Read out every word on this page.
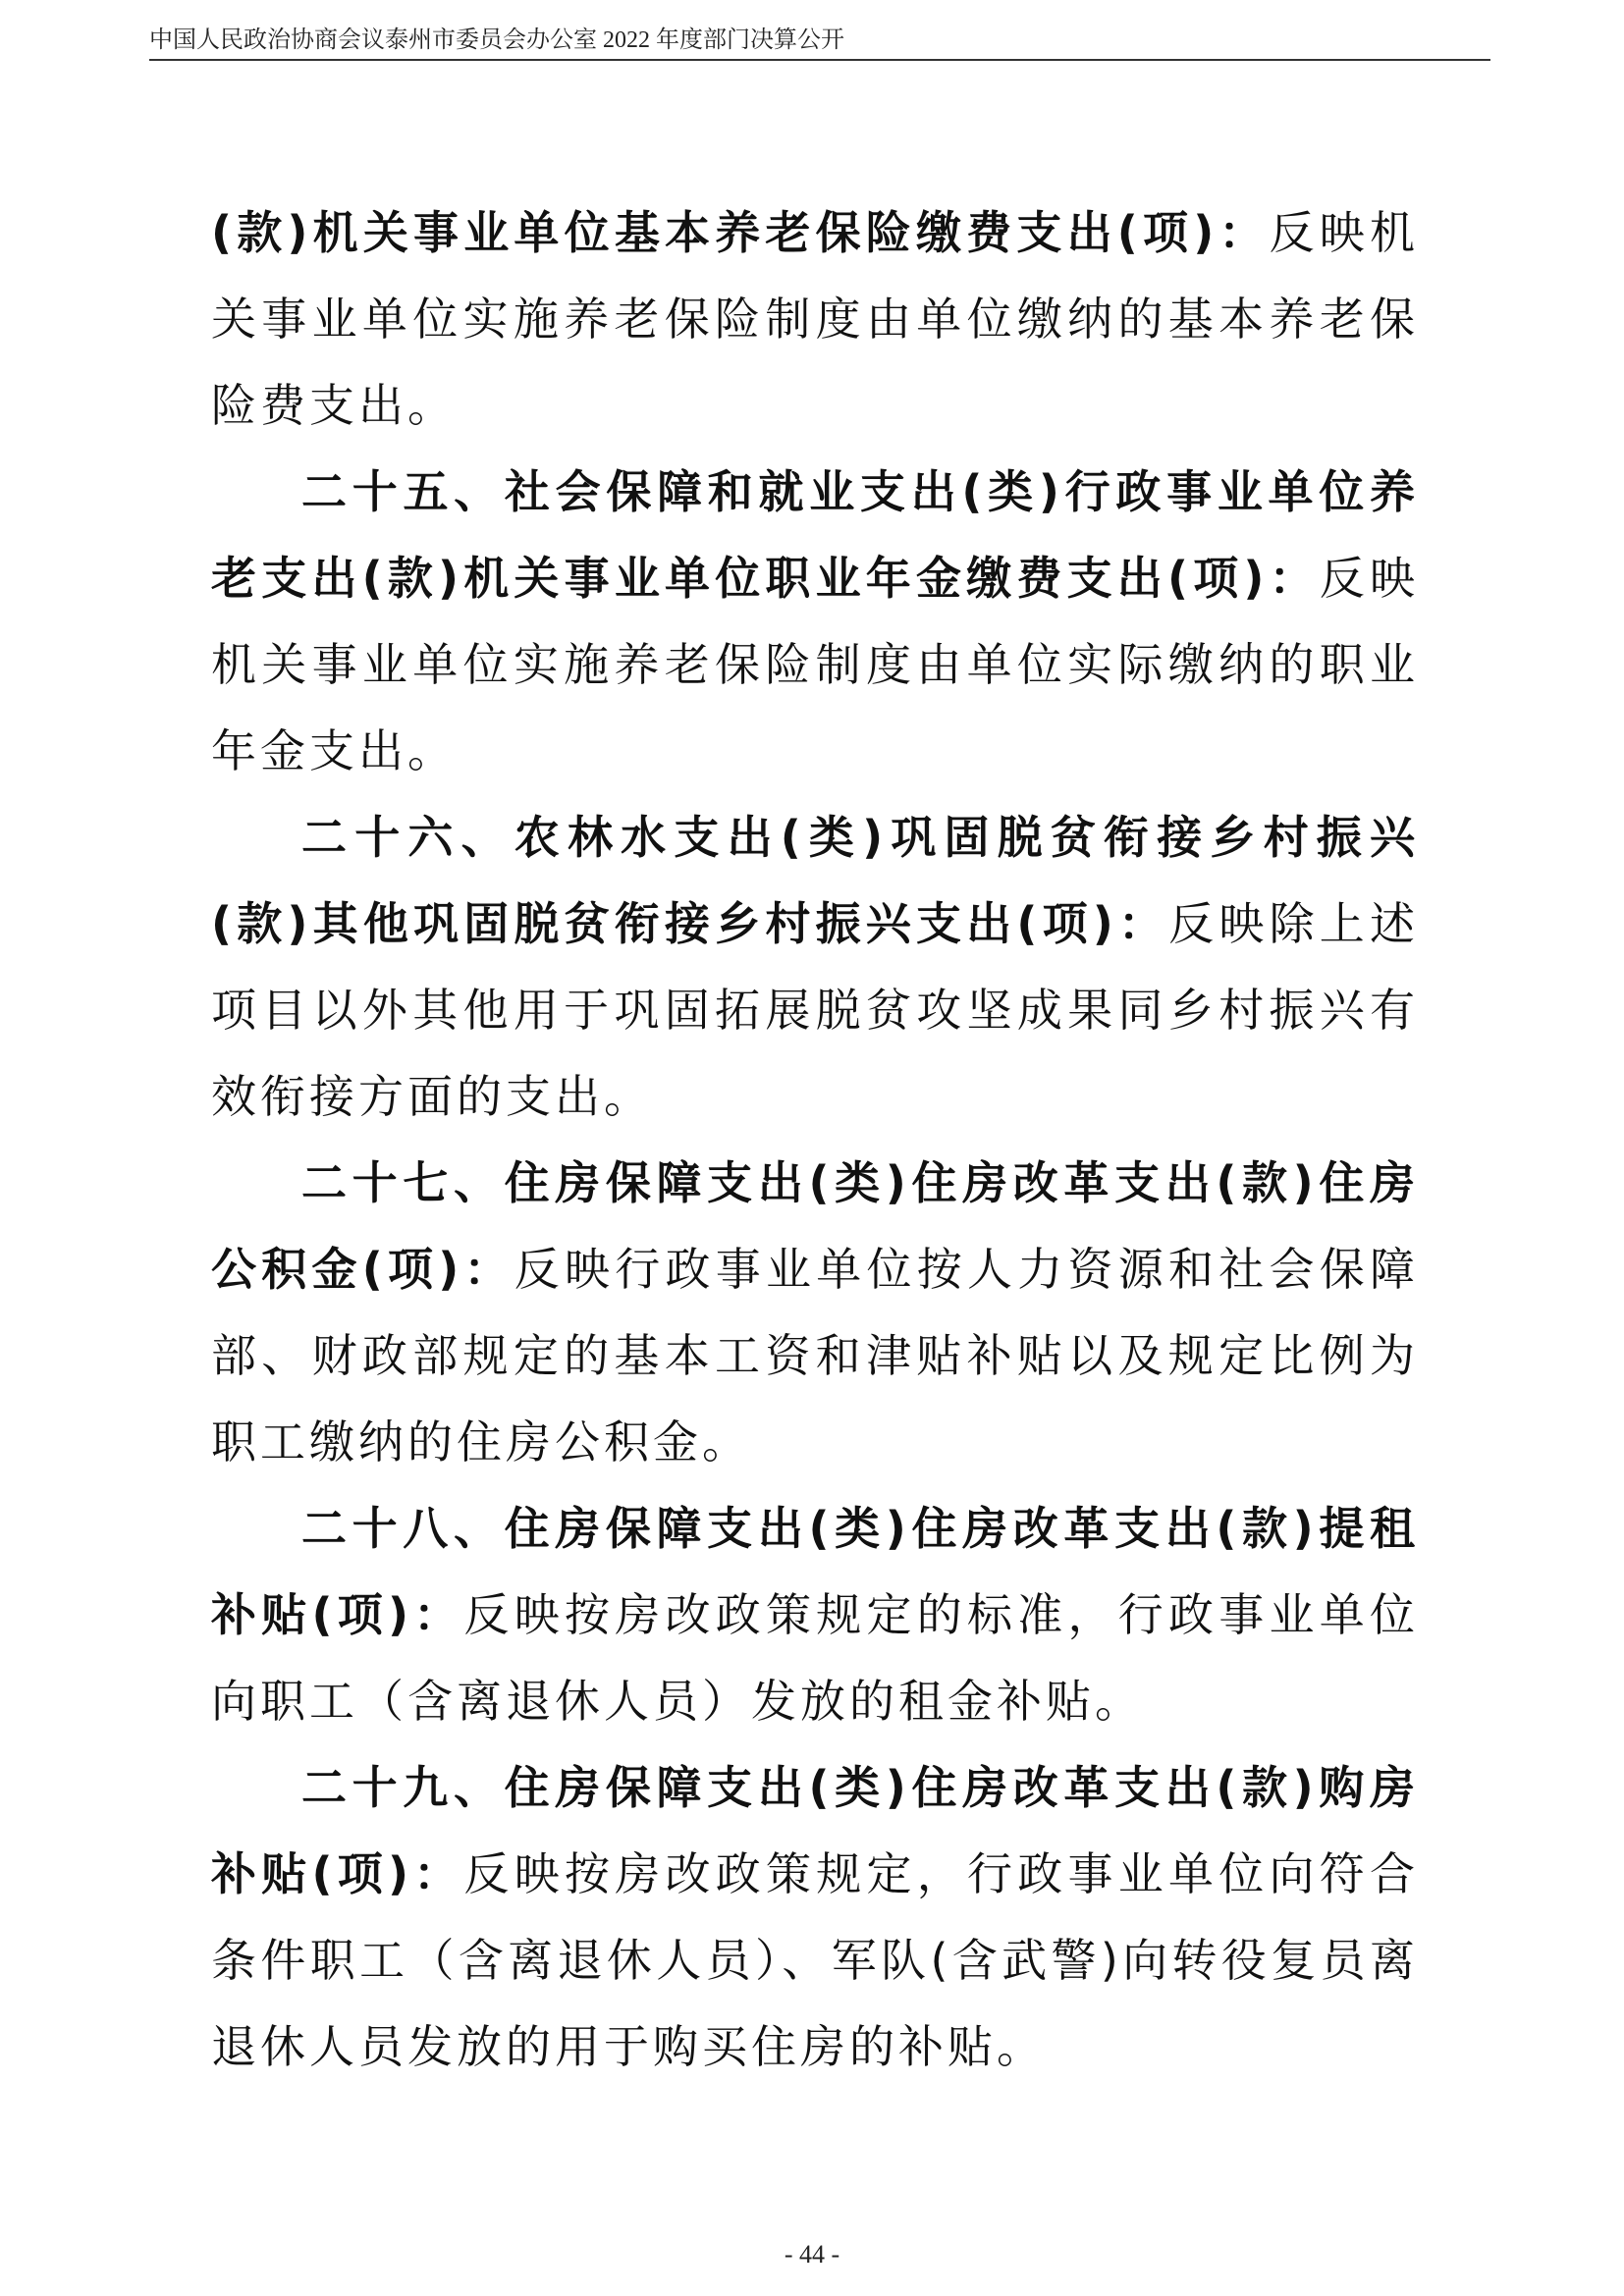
中国人民政治协商会议泰州市委员会办公室 2022 年度部门决算公开

(款)机关事业单位基本养老保险缴费支出(项)：反映机关事业单位实施养老保险制度由单位缴纳的基本养老保险费支出。

二十五、社会保障和就业支出(类)行政事业单位养老支出(款)机关事业单位职业年金缴费支出(项)：反映机关事业单位实施养老保险制度由单位实际缴纳的职业年金支出。

二十六、农林水支出(类)巩固脱贫衔接乡村振兴(款)其他巩固脱贫衔接乡村振兴支出(项)：反映除上述项目以外其他用于巩固拓展脱贫攻坚成果同乡村振兴有效衔接方面的支出。

二十七、住房保障支出(类)住房改革支出(款)住房公积金(项)：反映行政事业单位按人力资源和社会保障部、财政部规定的基本工资和津贴补贴以及规定比例为职工缴纳的住房公积金。

二十八、住房保障支出(类)住房改革支出(款)提租补贴(项)：反映按房改政策规定的标准，行政事业单位向职工（含离退休人员）发放的租金补贴。

二十九、住房保障支出(类)住房改革支出(款)购房补贴(项)：反映按房改政策规定，行政事业单位向符合条件职工（含离退休人员）、军队(含武警)向转役复员离退休人员发放的用于购买住房的补贴。

- 44 -
